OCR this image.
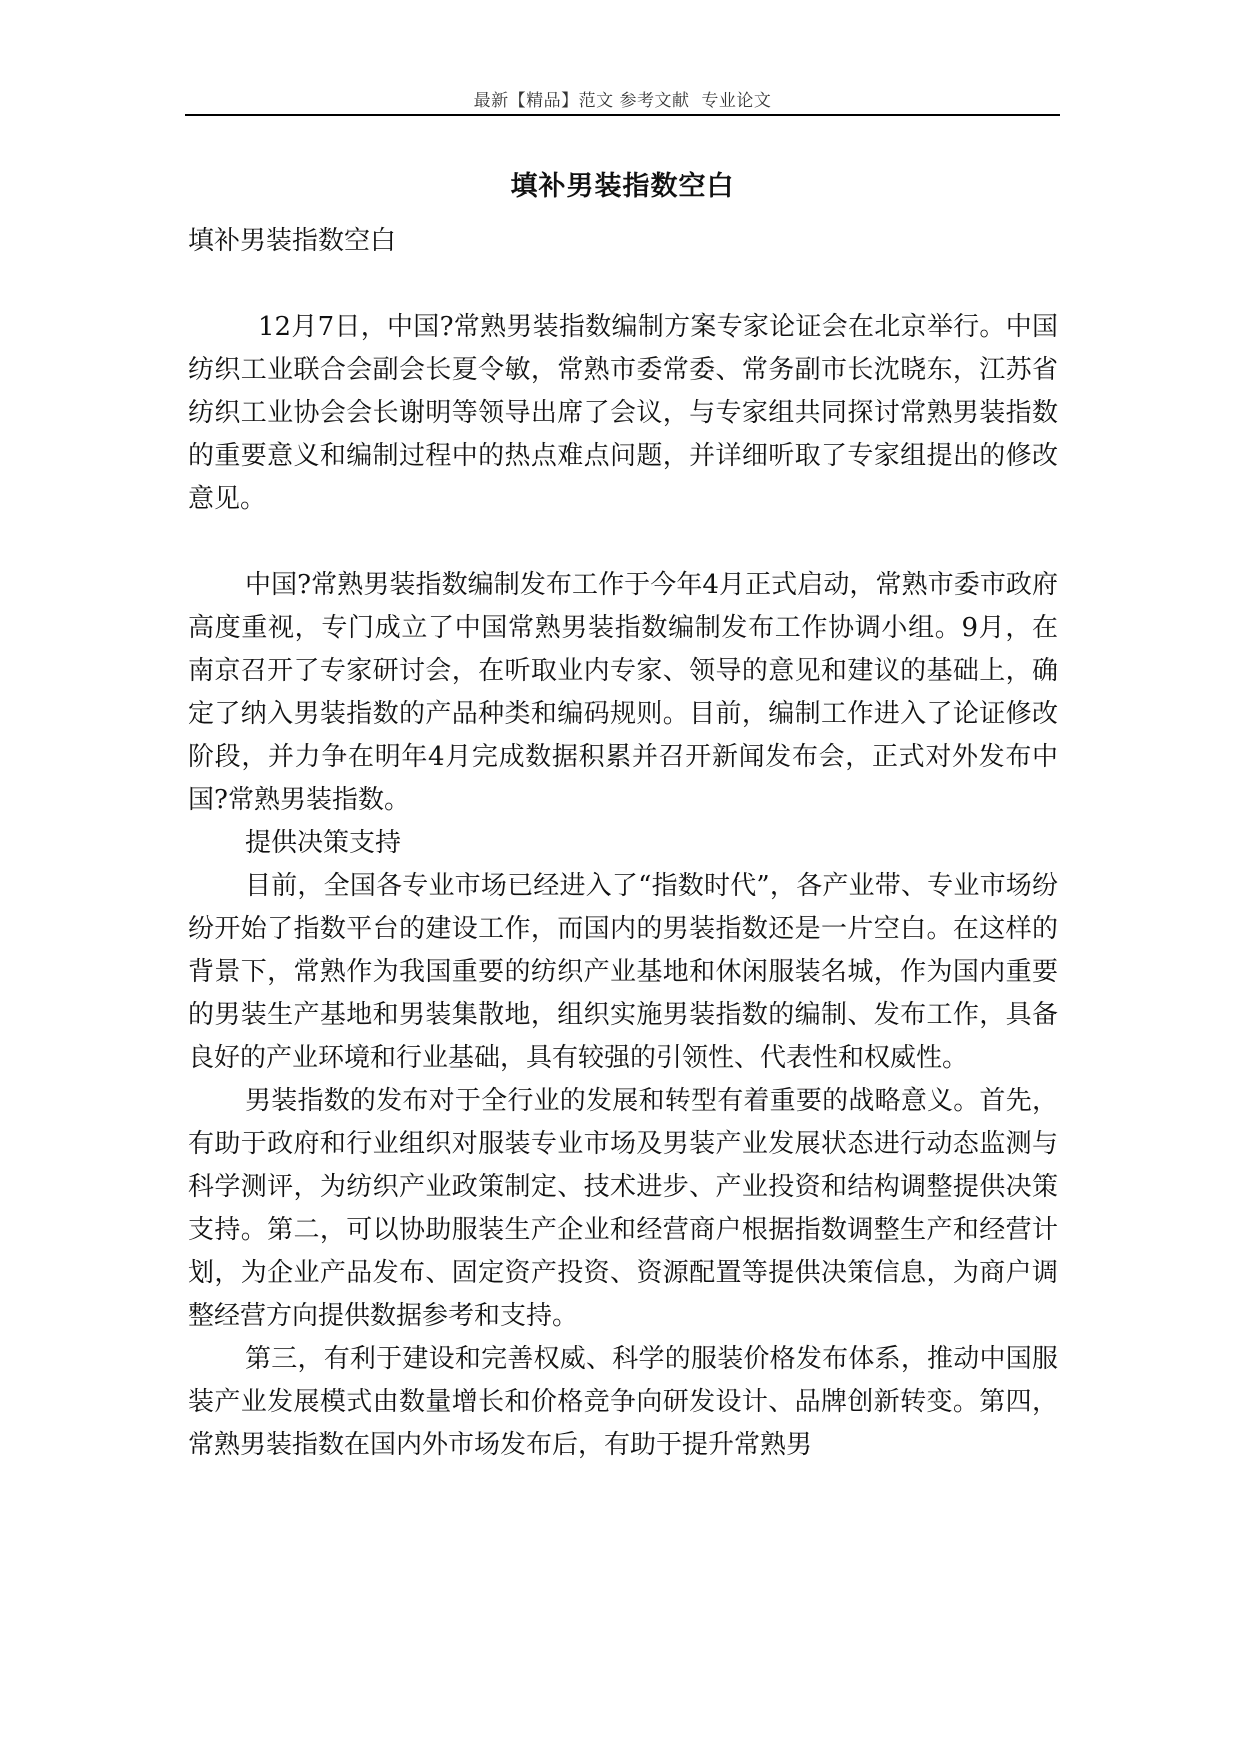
最新【精品】范文 参考文献  专业论文
填补男装指数空白

填补男装指数空白

12月7日，中国?常熟男装指数编制方案专家论证会在北京举行。中国纺织工业联合会副会长夏令敏，常熟市委常委、常务副市长沈晓东，江苏省纺织工业协会会长谢明等领导出席了会议，与专家组共同探讨常熟男装指数的重要意义和编制过程中的热点难点问题，并详细听取了专家组提出的修改意见。

中国?常熟男装指数编制发布工作于今年4月正式启动，常熟市委市政府高度重视，专门成立了中国常熟男装指数编制发布工作协调小组。9月，在南京召开了专家研讨会，在听取业内专家、领导的意见和建议的基础上，确定了纳入男装指数的产品种类和编码规则。目前，编制工作进入了论证修改阶段，并力争在明年4月完成数据积累并召开新闻发布会，正式对外发布中国?常熟男装指数。

提供决策支持

目前，全国各专业市场已经进入了“指数时代”，各产业带、专业市场纷纷开始了指数平台的建设工作，而国内的男装指数还是一片空白。在这样的背景下，常熟作为我国重要的纺织产业基地和休闲服装名城，作为国内重要的男装生产基地和男装集散地，组织实施男装指数的编制、发布工作，具备良好的产业环境和行业基础，具有较强的引领性、代表性和权威性。

男装指数的发布对于全行业的发展和转型有着重要的战略意义。首先，有助于政府和行业组织对服装专业市场及男装产业发展状态进行动态监测与科学测评，为纺织产业政策制定、技术进步、产业投资和结构调整提供决策支持。第二，可以协助服装生产企业和经营商户根据指数调整生产和经营计划，为企业产品发布、固定资产投资、资源配置等提供决策信息，为商户调整经营方向提供数据参考和支持。

第三，有利于建设和完善权威、科学的服装价格发布体系，推动中国服装产业发展模式由数量增长和价格竞争向研发设计、品牌创新转变。第四，常熟男装指数在国内外市场发布后，有助于提升常熟男
